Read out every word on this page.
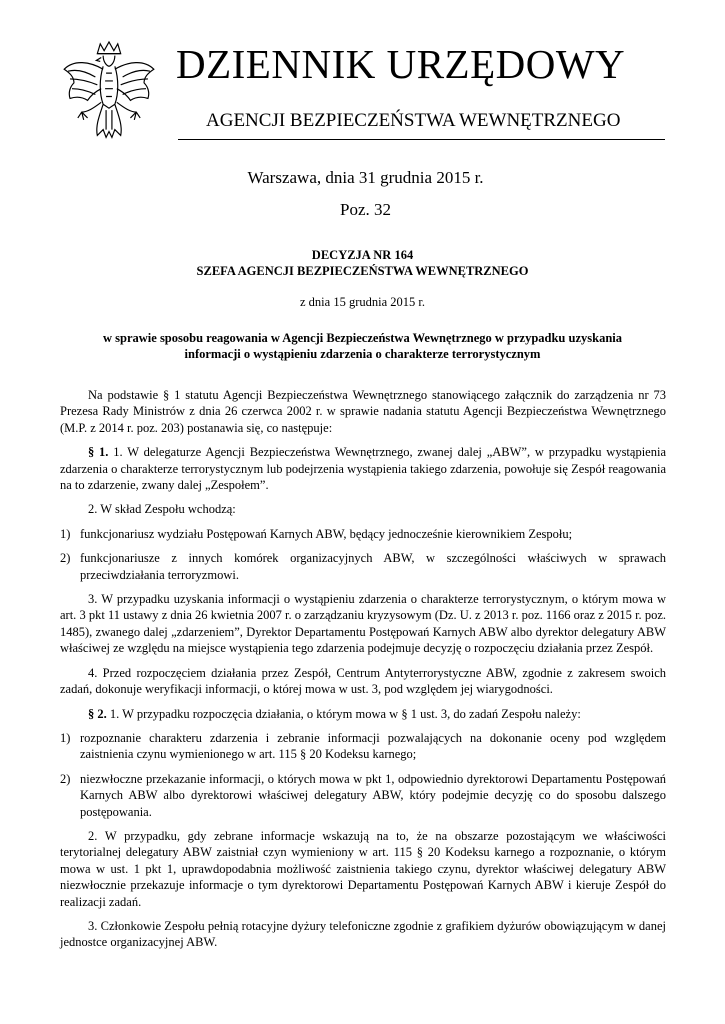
DZIENNIK URZĘDOWY
AGENCJI BEZPIECZEŃSTWA WEWNĘTRZNEGO
Warszawa, dnia 31 grudnia 2015 r.
Poz. 32
DECYZJA NR 164
SZEFA AGENCJI BEZPIECZEŃSTWA WEWNĘTRZNEGO
z dnia 15 grudnia 2015 r.
w sprawie sposobu reagowania w Agencji Bezpieczeństwa Wewnętrznego w przypadku uzyskania
informacji o wystąpieniu zdarzenia o charakterze terrorystycznym

Na podstawie § 1 statutu Agencji Bezpieczeństwa Wewnętrznego stanowiącego załącznik do zarządzenia nr 73 Prezesa Rady Ministrów z dnia 26 czerwca 2002 r. w sprawie nadania statutu Agencji Bezpieczeństwa Wewnętrznego (M.P. z 2014 r. poz. 203) postanawia się, co następuje:

§ 1. 1. W delegaturze Agencji Bezpieczeństwa Wewnętrznego, zwanej dalej „ABW”, w przypadku wystąpienia zdarzenia o charakterze terrorystycznym lub podejrzenia wystąpienia takiego zdarzenia, powołuje się Zespół reagowania na to zdarzenie, zwany dalej „Zespołem”.

2. W skład Zespołu wchodzą:

1) funkcjonariusz wydziału Postępowań Karnych ABW, będący jednocześnie kierownikiem Zespołu;
2) funkcjonariusze z innych komórek organizacyjnych ABW, w szczególności właściwych w sprawach przeciwdziałania terroryzmowi.

3. W przypadku uzyskania informacji o wystąpieniu zdarzenia o charakterze terrorystycznym, o którym mowa w art. 3 pkt 11 ustawy z dnia 26 kwietnia 2007 r. o zarządzaniu kryzysowym (Dz. U. z 2013 r. poz. 1166 oraz z 2015 r. poz. 1485), zwanego dalej „zdarzeniem”, Dyrektor Departamentu Postępowań Karnych ABW albo dyrektor delegatury ABW właściwej ze względu na miejsce wystąpienia tego zdarzenia podejmuje decyzję o rozpoczęciu działania przez Zespół.

4. Przed rozpoczęciem działania przez Zespół, Centrum Antyterrorystyczne ABW, zgodnie z zakresem swoich zadań, dokonuje weryfikacji informacji, o której mowa w ust. 3, pod względem jej wiarygodności.

§ 2. 1. W przypadku rozpoczęcia działania, o którym mowa w § 1 ust. 3, do zadań Zespołu należy:

1) rozpoznanie charakteru zdarzenia i zebranie informacji pozwalających na dokonanie oceny pod względem zaistnienia czynu wymienionego w art. 115 § 20 Kodeksu karnego;
2) niezwłoczne przekazanie informacji, o których mowa w pkt 1, odpowiednio dyrektorowi Departamentu Postępowań Karnych ABW albo dyrektorowi właściwej delegatury ABW, który podejmie decyzję co do sposobu dalszego postępowania.

2. W przypadku, gdy zebrane informacje wskazują na to, że na obszarze pozostającym we właściwości terytorialnej delegatury ABW zaistniał czyn wymieniony w art. 115 § 20 Kodeksu karnego a rozpoznanie, o którym mowa w ust. 1 pkt 1, uprawdopodabnia możliwość zaistnienia takiego czynu, dyrektor właściwej delegatury ABW niezwłocznie przekazuje informacje o tym dyrektorowi Departamentu Postępowań Karnych ABW i kieruje Zespół do realizacji zadań.

3. Członkowie Zespołu pełnią rotacyjne dyżury telefoniczne zgodnie z grafikiem dyżurów obowiązującym w danej jednostce organizacyjnej ABW.
